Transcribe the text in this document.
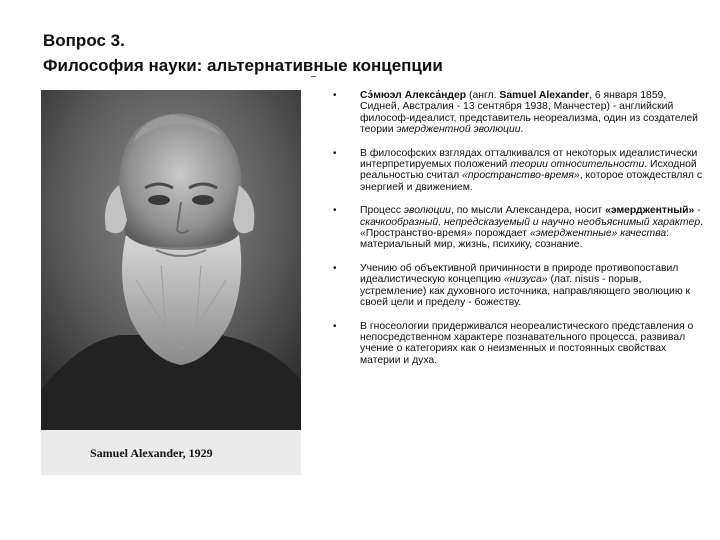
Вопрос 3.
Философия науки: альтернативные концепции
Samuel Alexander, 1929
• Сэ́мюэл Алекса́ндер (англ. Samuel Alexander, 6 января 1859, Сидней, Австралия - 13 сентября 1938, Манчестер) - английский философ-идеалист, представитель неореализма, один из создателей теории эмерджентной эволюции.
• В философских взглядах отталкивался от некоторых идеалистически интерпретируемых положений теории относительности. Исходной реальностью считал «пространство-время», которое отождествлял с энергией и движением.
• Процесс эволюции, по мысли Александера, носит «эмерджентный» - скачкообразный, непредсказуемый и научно необъяснимый характер. «Пространство-время» порождает «эмерджентные» качества: материальный мир, жизнь, психику, сознание.
• Учению об объективной причинности в природе противопоставил идеалистическую концепцию «низуса» (лат. nisus - порыв, устремление) как духовного источника, направляющего эволюцию к своей цели и пределу - божеству.
• В гносеологии придерживался неореалистического представления о непосредственном характере познавательного процесса, развивал учение о категориях как о неизменных и постоянных свойствах материи и духа.
